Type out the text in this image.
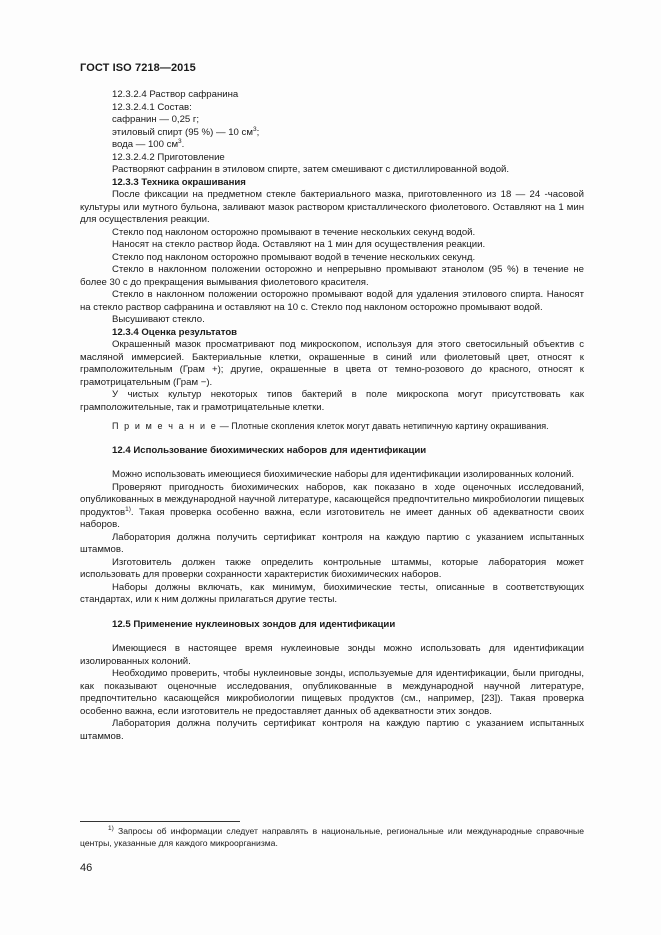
ГОСТ ISO 7218—2015

12.3.2.4 Раствор сафранина

12.3.2.4.1 Состав:

сафранин — 0,25 г;

этиловый спирт (95 %) — 10 $см^3$;

вода — 100 $см^3$.

12.3.2.4.2 Приготовление

Растворяют сафранин в этиловом спирте, затем смешивают с дистиллированной водой.

12.3.3 Техника окрашивания

После фиксации на предметном стекле бактериального мазка, приготовленного из 18 — 24 -часовой культуры или мутного бульона, заливают мазок раствором кристаллического фиолетового. Оставляют на 1 мин для осуществления реакции.

Стекло под наклоном осторожно промывают в течение нескольких секунд водой.

Наносят на стекло раствор йода. Оставляют на 1 мин для осуществления реакции.

Стекло под наклоном осторожно промывают водой в течение нескольких секунд.

Стекло в наклонном положении осторожно и непрерывно промывают этанолом (95 %) в течение не более 30 с до прекращения вымывания фиолетового красителя.

Стекло в наклонном положении осторожно промывают водой для удаления этилового спирта. Наносят на стекло раствор сафранина и оставляют на 10 с. Стекло под наклоном осторожно промывают водой.

Высушивают стекло.

12.3.4 Оценка результатов

Окрашенный мазок просматривают под микроскопом, используя для этого светосильный объектив с масляной иммерсией. Бактериальные клетки, окрашенные в синий или фиолетовый цвет, относят к грамположительным (Грам +); другие, окрашенные в цвета от темно-розового до красного, относят к грамотрицательным (Грам −).

У чистых культур некоторых типов бактерий в поле микроскопа могут присутствовать как грамположительные, так и грамотрицательные клетки.

П р и м е ч а н и е — Плотные скопления клеток могут давать нетипичную картину окрашивания.

12.4 Использование биохимических наборов для идентификации

Можно использовать имеющиеся биохимические наборы для идентификации изолированных колоний.

Проверяют пригодность биохимических наборов, как показано в ходе оценочных исследований, опубликованных в международной научной литературе, касающейся предпочтительно микробиологии пищевых продуктов$^{1)}$. Такая проверка особенно важна, если изготовитель не имеет данных об адекватности своих наборов.

Лаборатория должна получить сертификат контроля на каждую партию с указанием испытанных штаммов.

Изготовитель должен также определить контрольные штаммы, которые лаборатория может использовать для проверки сохранности характеристик биохимических наборов.

Наборы должны включать, как минимум, биохимические тесты, описанные в соответствующих стандартах, или к ним должны прилагаться другие тесты.

12.5 Применение нуклеиновых зондов для идентификации

Имеющиеся в настоящее время нуклеиновые зонды можно использовать для идентификации изолированных колоний.

Необходимо проверить, чтобы нуклеиновые зонды, используемые для идентификации, были пригодны, как показывают оценочные исследования, опубликованные в международной научной литературе, предпочтительно касающейся микробиологии пищевых продуктов (см., например, [23]). Такая проверка особенно важна, если изготовитель не предоставляет данных об адекватности этих зондов.

Лаборатория должна получить сертификат контроля на каждую партию с указанием испытанных штаммов.

$^{1)}$ Запросы об информации следует направлять в национальные, региональные или международные справочные центры, указанные для каждого микроорганизма.

46
